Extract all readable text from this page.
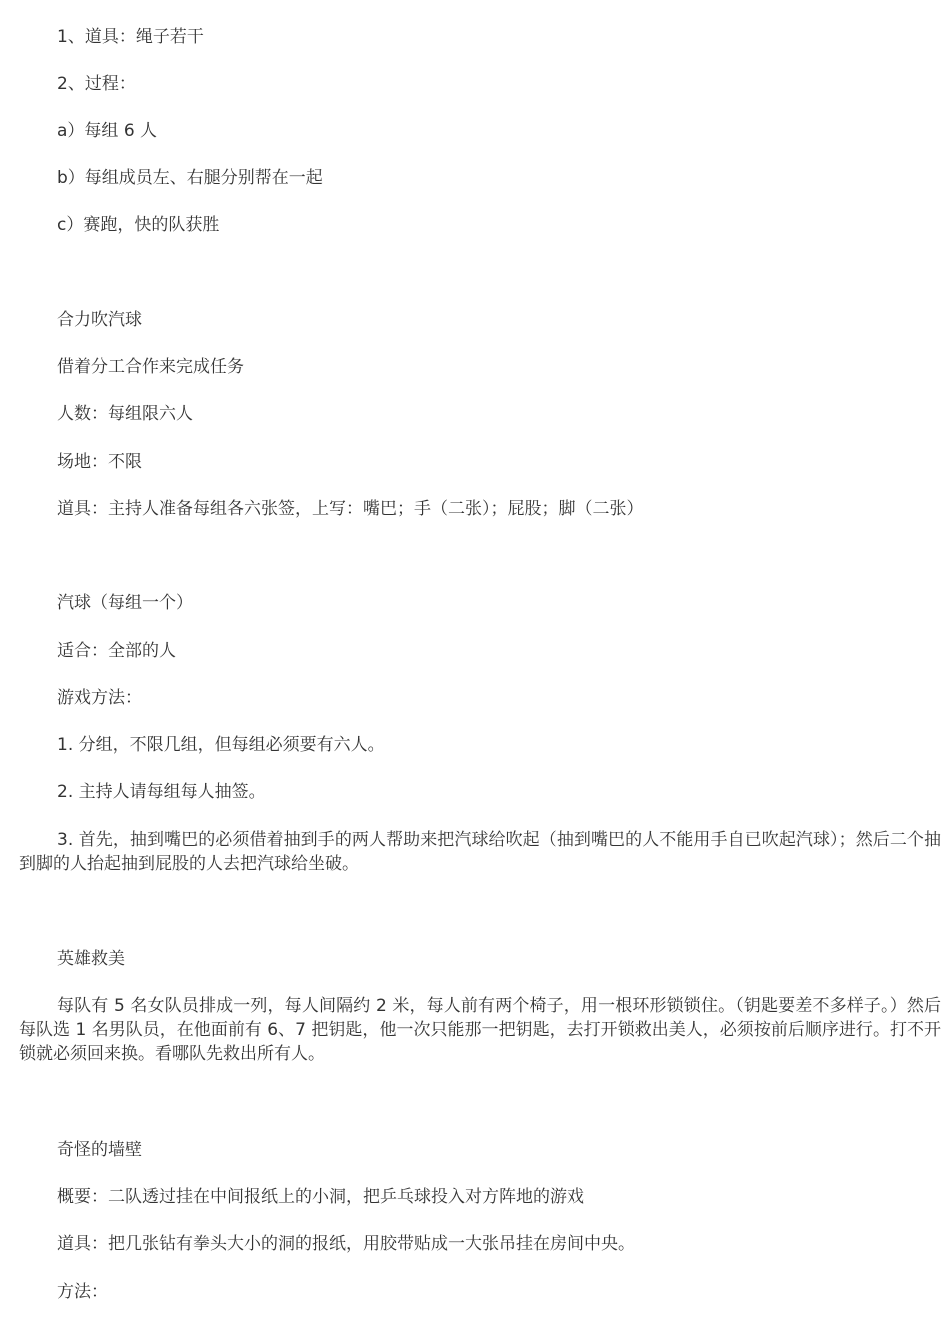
1、道具：绳子若干
2、过程：
a）每组 6 人
b）每组成员左、右腿分别帮在一起
c）赛跑，快的队获胜
合力吹汽球
借着分工合作来完成任务
人数：每组限六人
场地：不限
道具：主持人准备每组各六张签，上写：嘴巴；手（二张）；屁股；脚（二张）
汽球（每组一个）
适合：全部的人
游戏方法：
1. 分组，不限几组，但每组必须要有六人。
2. 主持人请每组每人抽签。
3. 首先，抽到嘴巴的必须借着抽到手的两人帮助来把汽球给吹起（抽到嘴巴的人不能用手自已吹起汽球）；然后二个抽到脚的人抬起抽到屁股的人去把汽球给坐破。
英雄救美
每队有 5 名女队员排成一列，每人间隔约 2 米，每人前有两个椅子，用一根环形锁锁住。（钥匙要差不多样子。）然后每队选 1 名男队员，在他面前有 6、7 把钥匙，他一次只能那一把钥匙，去打开锁救出美人，必须按前后顺序进行。打不开锁就必须回来换。看哪队先救出所有人。
奇怪的墙壁
概要：二队透过挂在中间报纸上的小洞，把乒乓球投入对方阵地的游戏
道具：把几张钻有拳头大小的洞的报纸，用胶带贴成一大张吊挂在房间中央。
方法：
